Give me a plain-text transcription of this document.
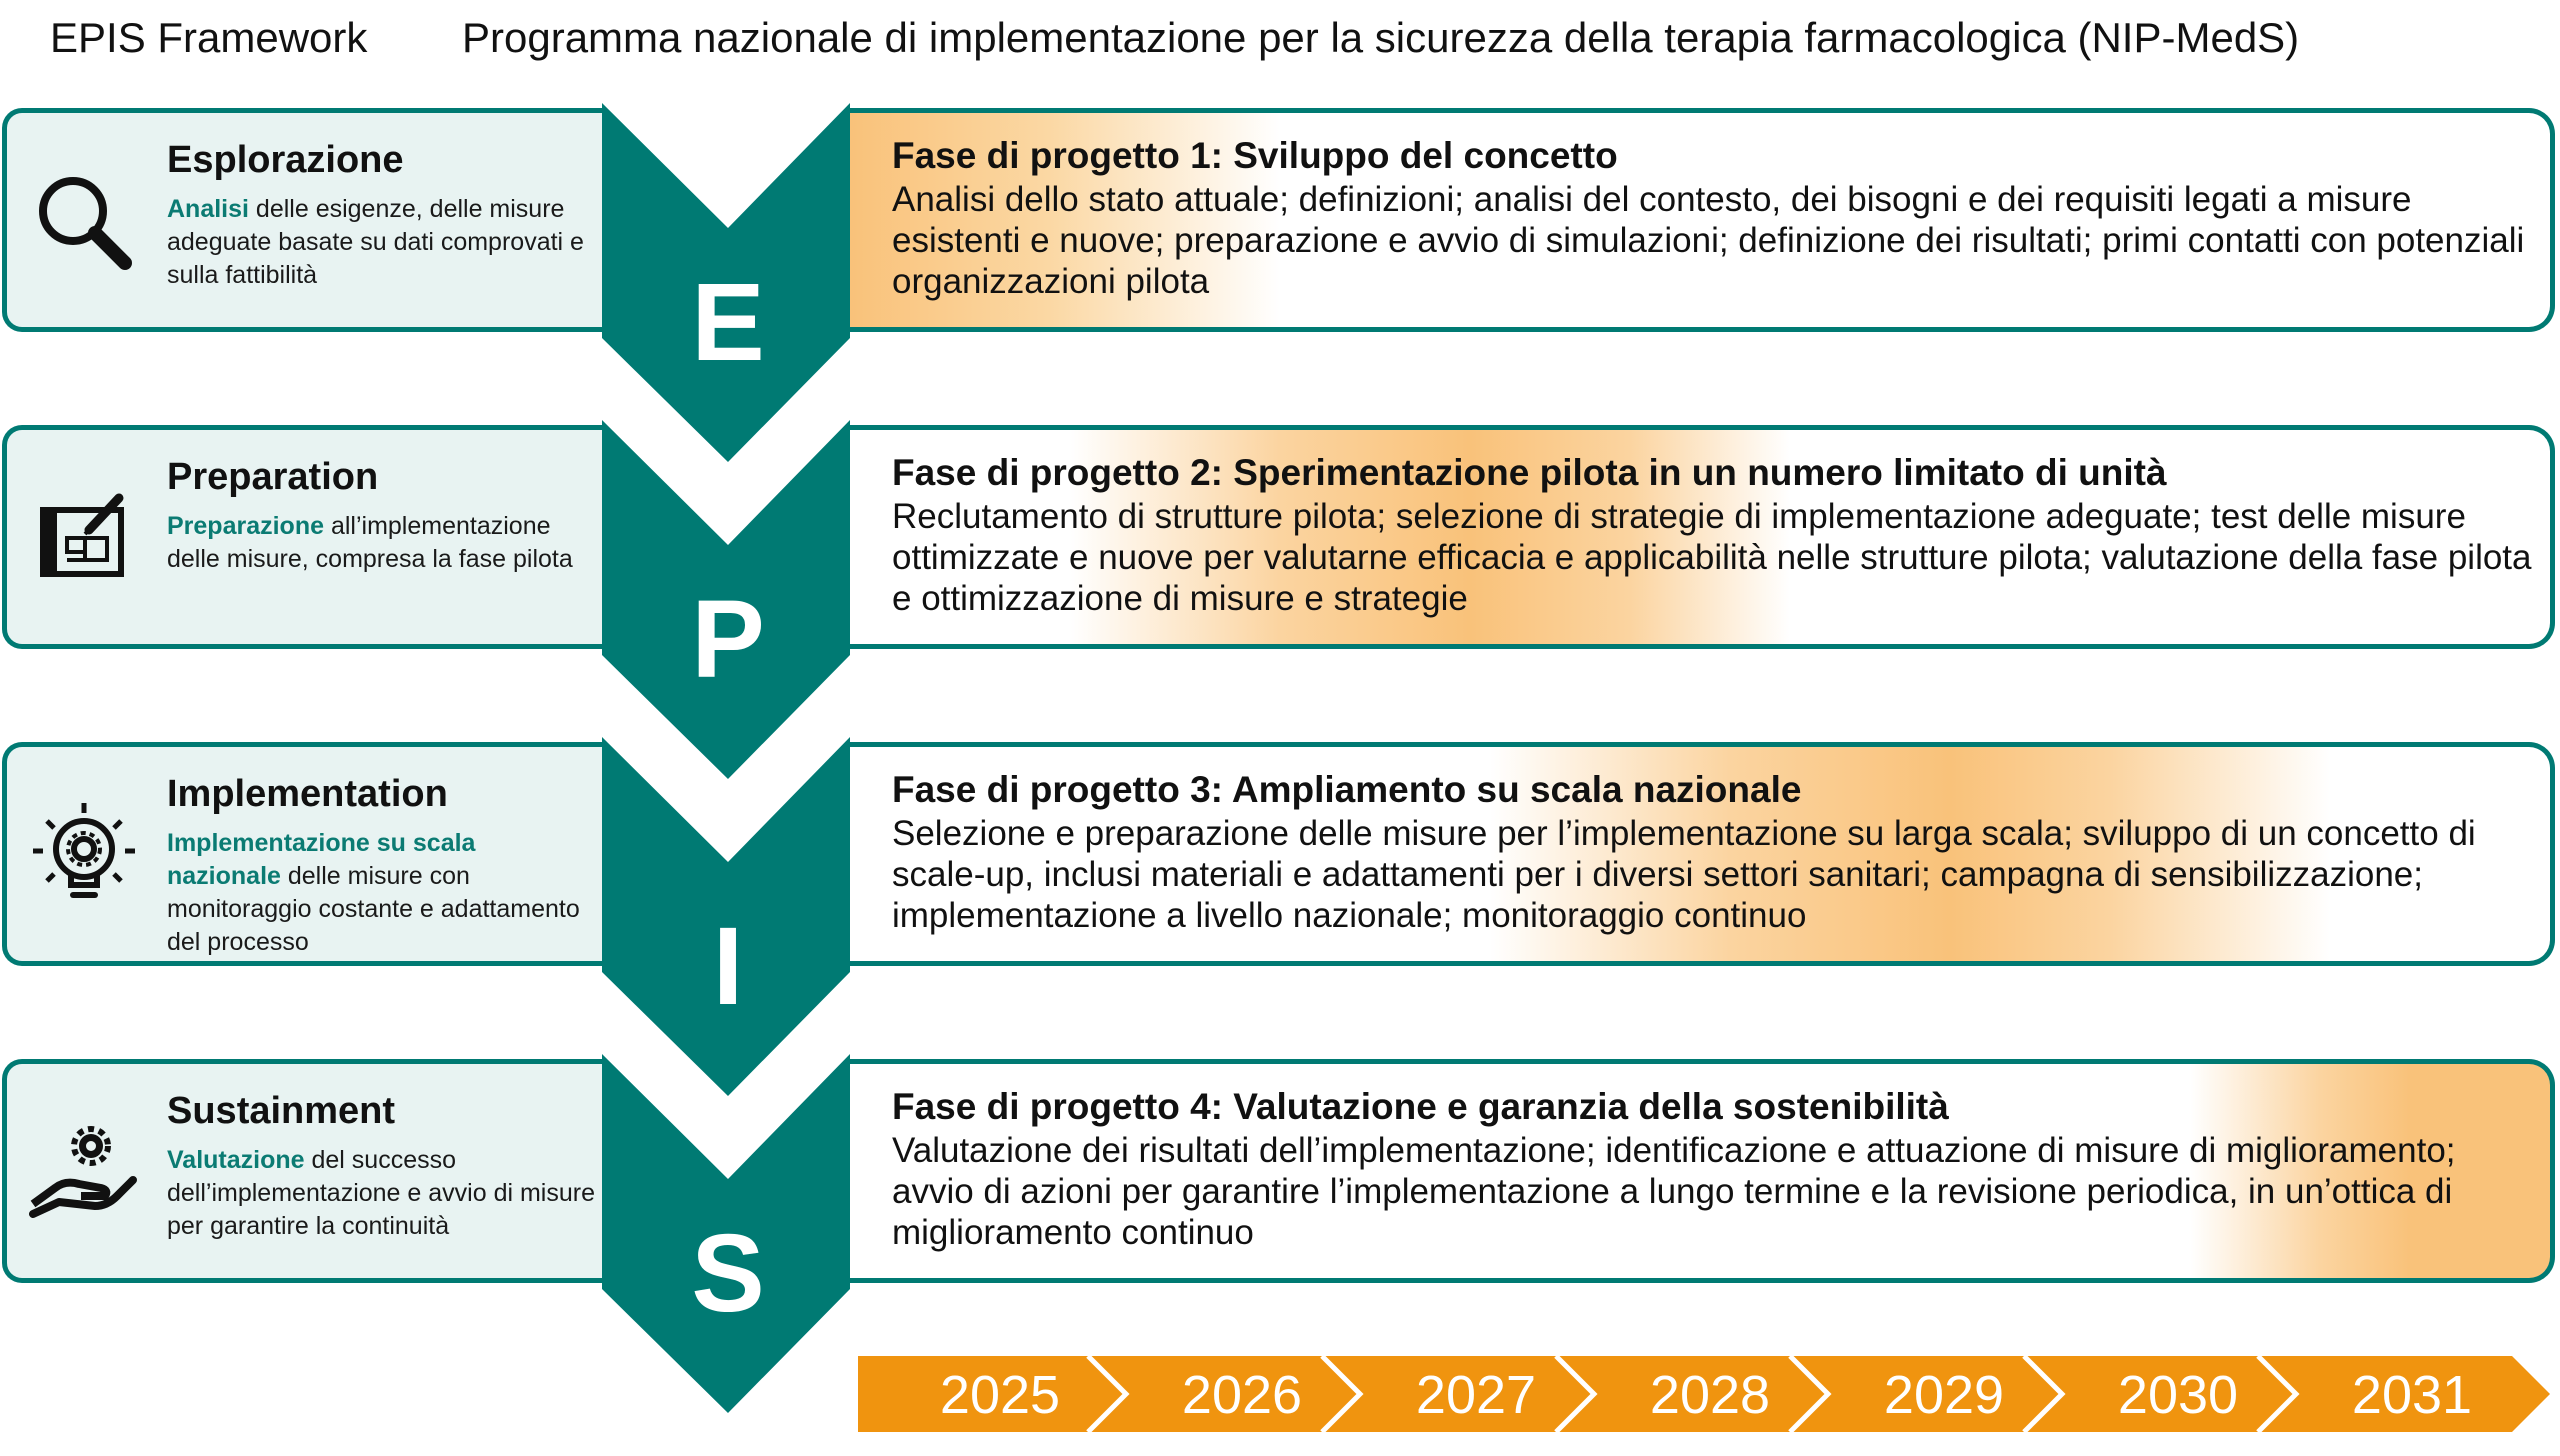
EPIS Framework Programma nazionale di implementazione per la sicurezza della terapia farmacologica (NIP-MedS)
Esplorazione
Analisi delle esigenze, delle misure adeguate basate su dati comprovati e sulla fattibilità
Fase di progetto 1: Sviluppo del concetto
Analisi dello stato attuale; definizioni; analisi del contesto, dei bisogni e dei requisiti legati a misure esistenti e nuove; preparazione e avvio di simulazioni; definizione dei risultati; primi contatti con potenziali organizzazioni pilota
Preparation
Preparazione all’implementazione delle misure, compresa la fase pilota
Fase di progetto 2: Sperimentazione pilota in un numero limitato di unità
Reclutamento di strutture pilota; selezione di strategie di implementazione adeguate; test delle misure ottimizzate e nuove per valutarne efficacia e applicabilità nelle strutture pilota; valutazione della fase pilota e ottimizzazione di misure e strategie
Implementation
Implementazione su scala nazionale delle misure con monitoraggio costante e adattamento del processo
Fase di progetto 3: Ampliamento su scala nazionale
Selezione e preparazione delle misure per l’implementazione su larga scala; sviluppo di un concetto di scale-up, inclusi materiali e adattamenti per i diversi settori sanitari; campagna di sensibilizzazione; implementazione a livello nazionale; monitoraggio continuo
Sustainment
Valutazione del successo dell’implementazione e avvio di misure per garantire la continuità
Fase di progetto 4: Valutazione e garanzia della sostenibilità
Valutazione dei risultati dell’implementazione; identificazione e attuazione di misure di miglioramento; avvio di azioni per garantire l’implementazione a lungo termine e la revisione periodica, in un’ottica di miglioramento continuo
E
P
I
S
2025 2026 2027 2028 2029 2030 2031
